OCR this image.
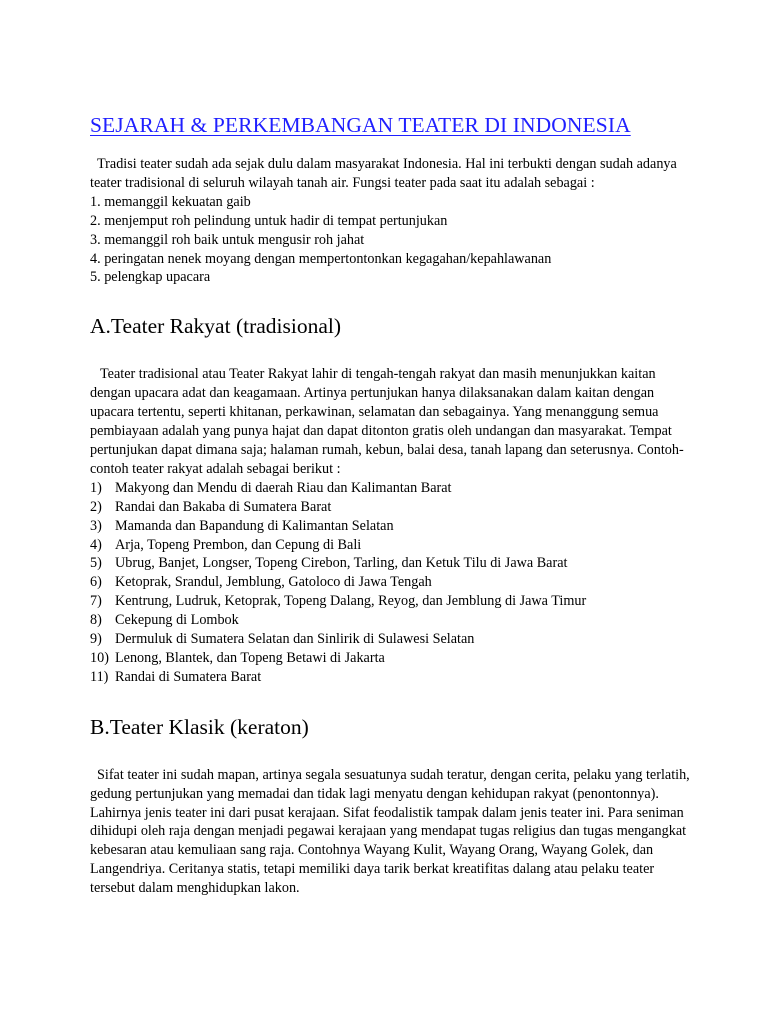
SEJARAH & PERKEMBANGAN TEATER DI INDONESIA

Tradisi teater sudah ada sejak dulu dalam masyarakat Indonesia. Hal ini terbukti dengan sudah adanya teater tradisional di seluruh wilayah tanah air. Fungsi teater pada saat itu adalah sebagai :

1. memanggil kekuatan gaib
2. menjemput roh pelindung untuk hadir di tempat pertunjukan
3. memanggil roh baik untuk mengusir roh jahat
4. peringatan nenek moyang dengan mempertontonkan kegagahan/kepahlawanan
5. pelengkap upacara
A.Teater Rakyat (tradisional)

Teater tradisional atau Teater Rakyat lahir di tengah-tengah rakyat dan masih menunjukkan kaitan dengan upacara adat dan keagamaan. Artinya pertunjukan hanya dilaksanakan dalam kaitan dengan upacara tertentu, seperti khitanan, perkawinan, selamatan dan sebagainya. Yang menanggung semua pembiayaan adalah yang punya hajat dan dapat ditonton gratis oleh undangan dan masyarakat. Tempat pertunjukan dapat dimana saja; halaman rumah, kebun, balai desa, tanah lapang dan seterusnya. Contoh-contoh teater rakyat adalah sebagai berikut :

1) Makyong dan Mendu di daerah Riau dan Kalimantan Barat
2) Randai dan Bakaba di Sumatera Barat
3) Mamanda dan Bapandung di Kalimantan Selatan
4) Arja, Topeng Prembon, dan Cepung di Bali
5) Ubrug, Banjet, Longser, Topeng Cirebon, Tarling, dan Ketuk Tilu di Jawa Barat
6) Ketoprak, Srandul, Jemblung, Gatoloco di Jawa Tengah
7) Kentrung, Ludruk, Ketoprak, Topeng Dalang, Reyog, dan Jemblung di Jawa Timur
8) Cekepung di Lombok
9) Dermuluk di Sumatera Selatan dan Sinlirik di Sulawesi Selatan
10) Lenong, Blantek, dan Topeng Betawi di Jakarta
11) Randai di Sumatera Barat
B.Teater Klasik (keraton)

Sifat teater ini sudah mapan, artinya segala sesuatunya sudah teratur, dengan cerita, pelaku yang terlatih, gedung pertunjukan yang memadai dan tidak lagi menyatu dengan kehidupan rakyat (penontonnya). Lahirnya jenis teater ini dari pusat kerajaan. Sifat feodalistik tampak dalam jenis teater ini. Para seniman dihidupi oleh raja dengan menjadi pegawai kerajaan yang mendapat tugas religius dan tugas mengangkat kebesaran atau kemuliaan sang raja. Contohnya Wayang Kulit, Wayang Orang, Wayang Golek, dan Langendriya. Ceritanya statis, tetapi memiliki daya tarik berkat kreatifitas dalang atau pelaku teater tersebut dalam menghidupkan lakon.
